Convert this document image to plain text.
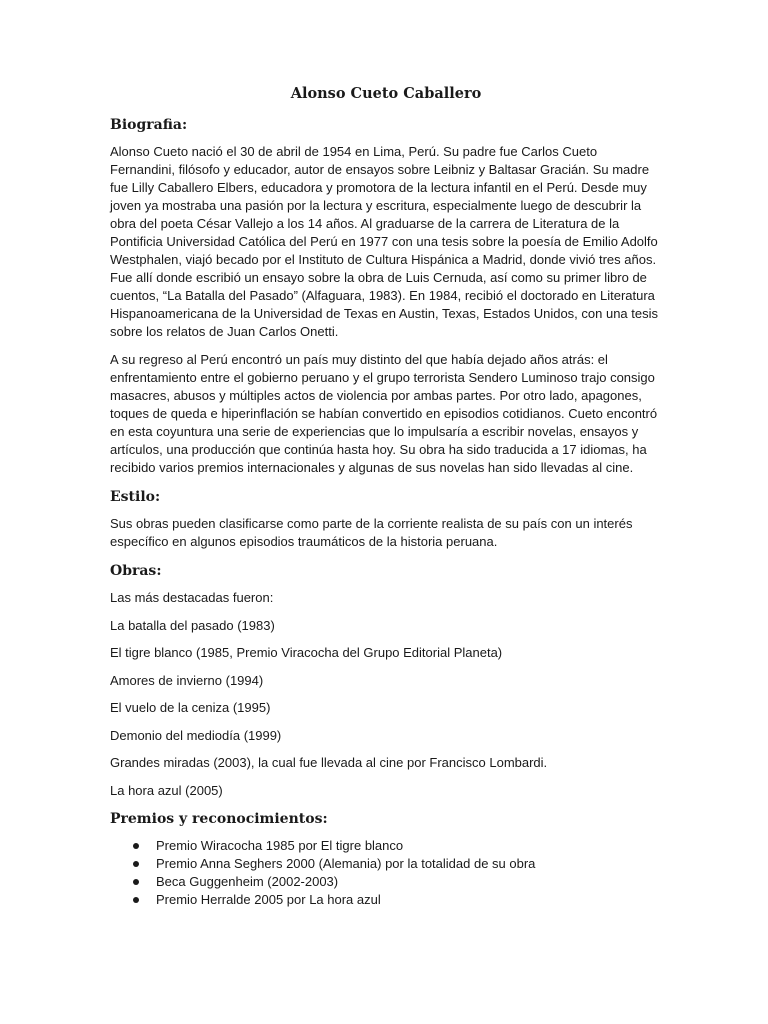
Alonso Cueto Caballero
Biografia:

Alonso Cueto nació el 30 de abril de 1954 en Lima, Perú. Su padre fue Carlos Cueto Fernandini, filósofo y educador, autor de ensayos sobre Leibniz y Baltasar Gracián. Su madre fue Lilly Caballero Elbers, educadora y promotora de la lectura infantil en el Perú. Desde muy joven ya mostraba una pasión por la lectura y escritura, especialmente luego de descubrir la obra del poeta César Vallejo a los 14 años. Al graduarse de la carrera de Literatura de la Pontificia Universidad Católica del Perú en 1977 con una tesis sobre la poesía de Emilio Adolfo Westphalen, viajó becado por el Instituto de Cultura Hispánica a Madrid, donde vivió tres años. Fue allí donde escribió un ensayo sobre la obra de Luis Cernuda, así como su primer libro de cuentos, “La Batalla del Pasado” (Alfaguara, 1983). En 1984, recibió el doctorado en Literatura Hispanoamericana de la Universidad de Texas en Austin, Texas, Estados Unidos, con una tesis sobre los relatos de Juan Carlos Onetti.

A su regreso al Perú encontró un país muy distinto del que había dejado años atrás: el enfrentamiento entre el gobierno peruano y el grupo terrorista Sendero Luminoso trajo consigo masacres, abusos y múltiples actos de violencia por ambas partes. Por otro lado, apagones, toques de queda e hiperinflación se habían convertido en episodios cotidianos. Cueto encontró en esta coyuntura una serie de experiencias que lo impulsaría a escribir novelas, ensayos y artículos, una producción que continúa hasta hoy. Su obra ha sido traducida a 17 idiomas, ha recibido varios premios internacionales y algunas de sus novelas han sido llevadas al cine.

Estilo:

Sus obras pueden clasificarse como parte de la corriente realista de su país con un interés específico en algunos episodios traumáticos de la historia peruana.

Obras:

Las más destacadas fueron:

La batalla del pasado (1983)

El tigre blanco (1985, Premio Viracocha del Grupo Editorial Planeta)

Amores de invierno (1994)

El vuelo de la ceniza (1995)

Demonio del mediodía (1999)

Grandes miradas (2003), la cual fue llevada al cine por Francisco Lombardi.

La hora azul (2005)

Premios y reconocimientos:
Premio Wiracocha 1985 por El tigre blanco
Premio Anna Seghers 2000 (Alemania) por la totalidad de su obra
Beca Guggenheim (2002-2003)
Premio Herralde 2005 por La hora azul
